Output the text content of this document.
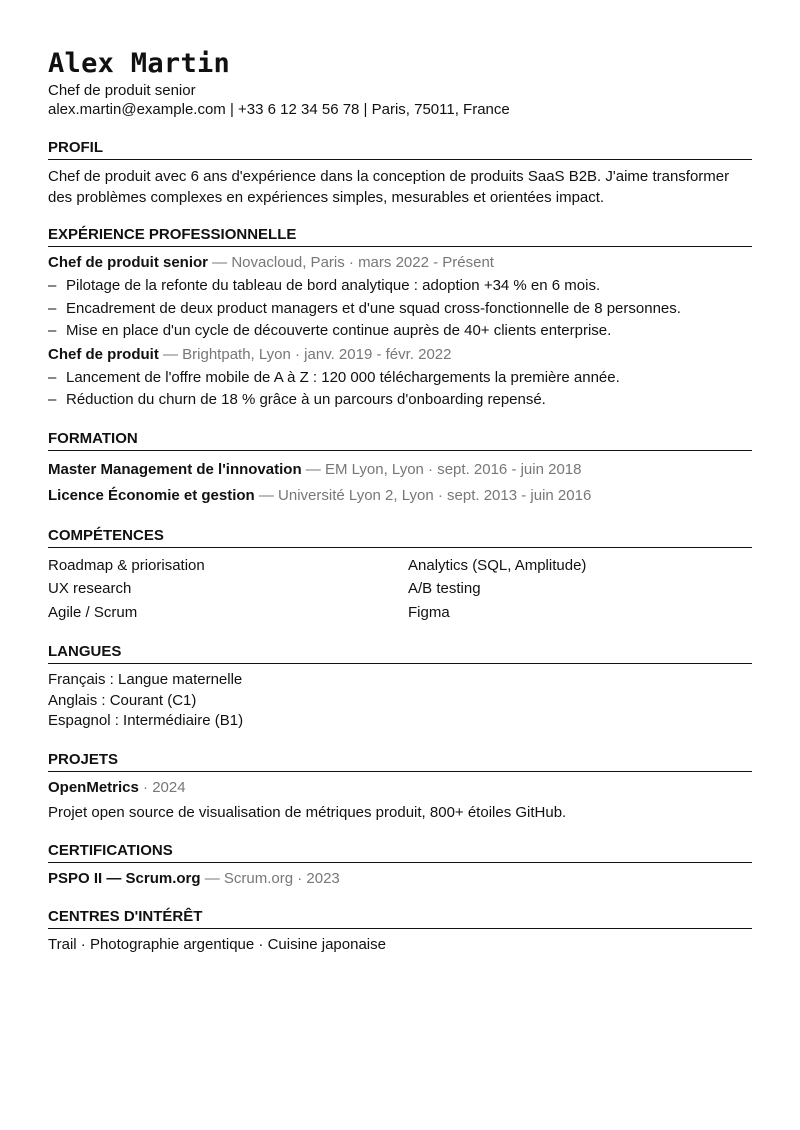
Alex Martin
Chef de produit senior
alex.martin@example.com | +33 6 12 34 56 78 | Paris, 75011, France
PROFIL

Chef de produit avec 6 ans d'expérience dans la conception de produits SaaS B2B. J'aime transformer des problèmes complexes en expériences simples, mesurables et orientées impact.

EXPÉRIENCE PROFESSIONNELLE
Chef de produit senior — Novacloud, Paris · mars 2022 - Présent
– Pilotage de la refonte du tableau de bord analytique : adoption +34 % en 6 mois.
– Encadrement de deux product managers et d'une squad cross-fonctionnelle de 8 personnes.
– Mise en place d'un cycle de découverte continue auprès de 40+ clients enterprise.
Chef de produit — Brightpath, Lyon · janv. 2019 - févr. 2022
– Lancement de l'offre mobile de A à Z : 120 000 téléchargements la première année.
– Réduction du churn de 18 % grâce à un parcours d'onboarding repensé.
FORMATION
Master Management de l'innovation — EM Lyon, Lyon · sept. 2016 - juin 2018
Licence Économie et gestion — Université Lyon 2, Lyon · sept. 2013 - juin 2016
COMPÉTENCES
Roadmap & priorisation	Analytics (SQL, Amplitude)
UX research	A/B testing
Agile / Scrum	Figma
LANGUES
Français : Langue maternelle
Anglais : Courant (C1)
Espagnol : Intermédiaire (B1)
PROJETS
OpenMetrics · 2024
Projet open source de visualisation de métriques produit, 800+ étoiles GitHub.
CERTIFICATIONS
PSPO II — Scrum.org — Scrum.org · 2023
CENTRES D'INTÉRÊT
Trail · Photographie argentique · Cuisine japonaise
